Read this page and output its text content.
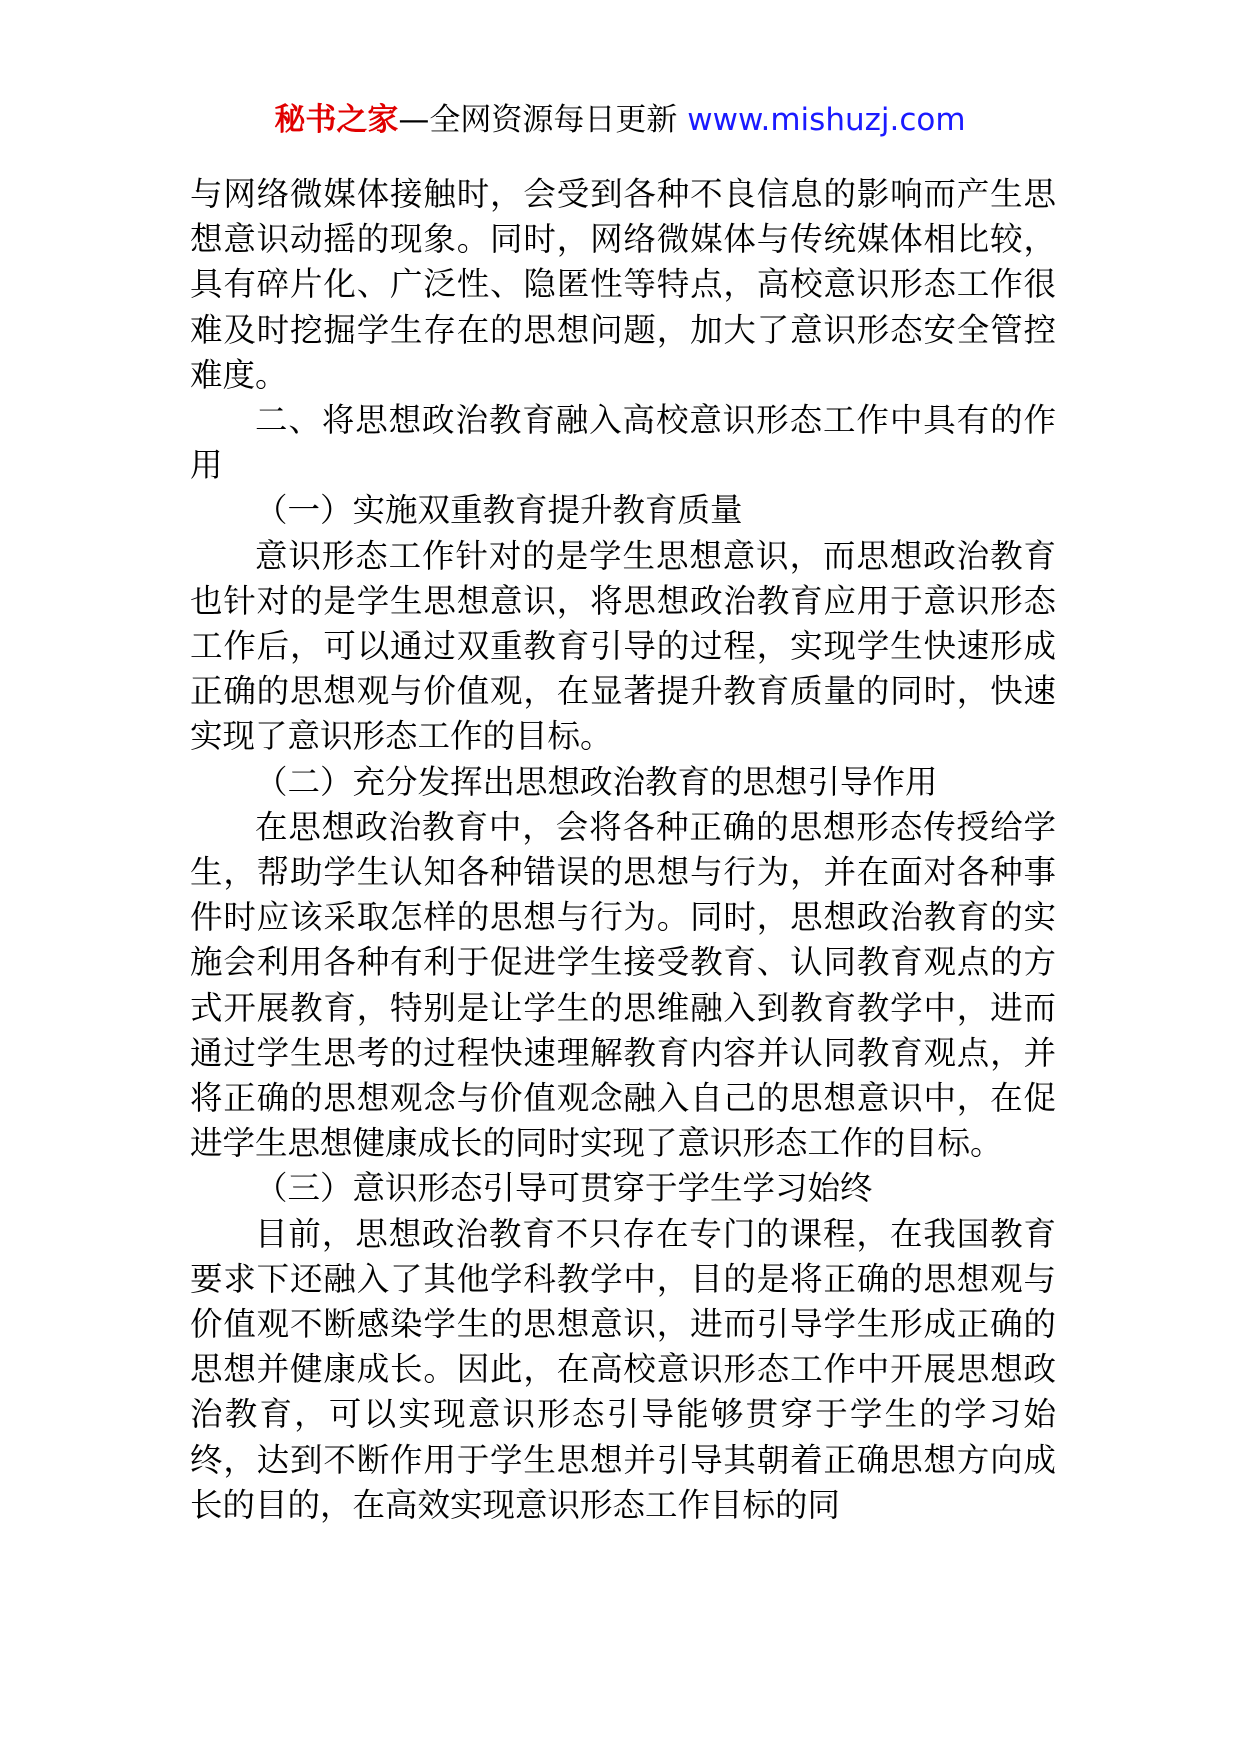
秘书之家—全网资源每日更新 www.mishuzj.com

与网络微媒体接触时，会受到各种不良信息的影响而产生思想意识动摇的现象。同时，网络微媒体与传统媒体相比较，具有碎片化、广泛性、隐匿性等特点，高校意识形态工作很难及时挖掘学生存在的思想问题，加大了意识形态安全管控难度。

二、将思想政治教育融入高校意识形态工作中具有的作用

（一）实施双重教育提升教育质量

意识形态工作针对的是学生思想意识，而思想政治教育也针对的是学生思想意识，将思想政治教育应用于意识形态工作后，可以通过双重教育引导的过程，实现学生快速形成正确的思想观与价值观，在显著提升教育质量的同时，快速实现了意识形态工作的目标。

（二）充分发挥出思想政治教育的思想引导作用

在思想政治教育中，会将各种正确的思想形态传授给学生，帮助学生认知各种错误的思想与行为，并在面对各种事件时应该采取怎样的思想与行为。同时，思想政治教育的实施会利用各种有利于促进学生接受教育、认同教育观点的方式开展教育，特别是让学生的思维融入到教育教学中，进而通过学生思考的过程快速理解教育内容并认同教育观点，并将正确的思想观念与价值观念融入自己的思想意识中，在促进学生思想健康成长的同时实现了意识形态工作的目标。

（三）意识形态引导可贯穿于学生学习始终

目前，思想政治教育不只存在专门的课程，在我国教育要求下还融入了其他学科教学中，目的是将正确的思想观与价值观不断感染学生的思想意识，进而引导学生形成正确的思想并健康成长。因此，在高校意识形态工作中开展思想政治教育，可以实现意识形态引导能够贯穿于学生的学习始终，达到不断作用于学生思想并引导其朝着正确思想方向成长的目的，在高效实现意识形态工作目标的同
